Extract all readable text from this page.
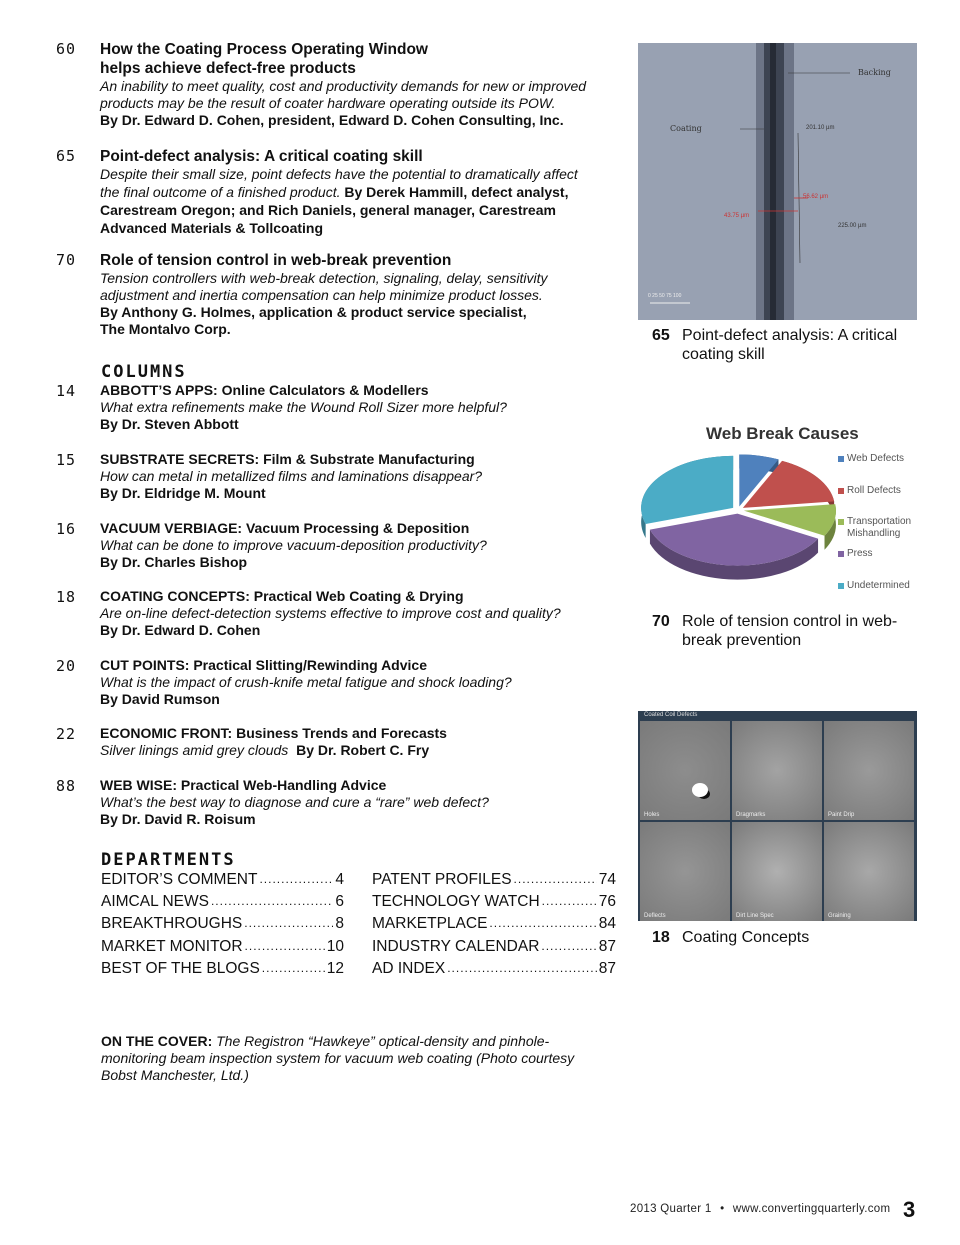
60 How the Coating Process Operating Window helps achieve defect-free products

An inability to meet quality, cost and productivity demands for new or improved products may be the result of coater hardware operating outside its POW.

By Dr. Edward D. Cohen, president, Edward D. Cohen Consulting, Inc.

65 Point-defect analysis: A critical coating skill

Despite their small size, point defects have the potential to dramatically affect the final outcome of a finished product. By Derek Hammill, defect analyst, Carestream Oregon; and Rich Daniels, general manager, Carestream Advanced Materials & Tollcoating

70 Role of tension control in web-break prevention

Tension controllers with web-break detection, signaling, delay, sensitivity adjustment and inertia compensation can help minimize product losses.

By Anthony G. Holmes, application & product service specialist, The Montalvo Corp.

COLUMNS
14 ABBOTT’S APPS: Online Calculators & Modellers

What extra refinements make the Wound Roll Sizer more helpful?

By Dr. Steven Abbott

15 SUBSTRATE SECRETS: Film & Substrate Manufacturing

How can metal in metallized films and laminations disappear?

By Dr. Eldridge M. Mount

16 VACUUM VERBIAGE: Vacuum Processing & Deposition

What can be done to improve vacuum-deposition productivity?

By Dr. Charles Bishop

18 COATING CONCEPTS: Practical Web Coating & Drying

Are on-line defect-detection systems effective to improve cost and quality?

By Dr. Edward D. Cohen

20 CUT POINTS: Practical Slitting/Rewinding Advice

What is the impact of crush-knife metal fatigue and shock loading?

By David Rumson

22 ECONOMIC FRONT: Business Trends and Forecasts

Silver linings amid grey clouds By Dr. Robert C. Fry

88 WEB WISE: Practical Web-Handling Advice

What’s the best way to diagnose and cure a “rare” web defect?

By Dr. David R. Roisum

DEPARTMENTS
EDITOR’S COMMENT .....	4
AIMCAL NEWS .....	6
BREAKTHROUGHS .....	8
MARKET MONITOR .....	10
BEST OF THE BLOGS .....	12
PATENT PROFILES .....	74
TECHNOLOGY WATCH .....	76
MARKETPLACE .....	84
INDUSTRY CALENDAR .....	87
AD INDEX .....	87
ON THE COVER: The Registron “Hawkeye” optical-density and pinhole-monitoring beam inspection system for vacuum web coating (Photo courtesy Bobst Manchester, Ltd.)
Backing
Coating	201.10 µm
225.00 µm
43.75 µm
56.62 µm
0 25 50 75 100
65 Point-defect analysis: A critical coating skill
Web Break Causes
Web Defects
Roll Defects
Transportation Mishandling
Press
Undetermined
70 Role of tension control in web-break prevention
Coated Coil Defects
Holes	Dragmarks	Paint Drip
Deflects	Dirt Line Spec	Graining
18 Coating Concepts
2013 Quarter 1 • www.convertingquarterly.com 3
